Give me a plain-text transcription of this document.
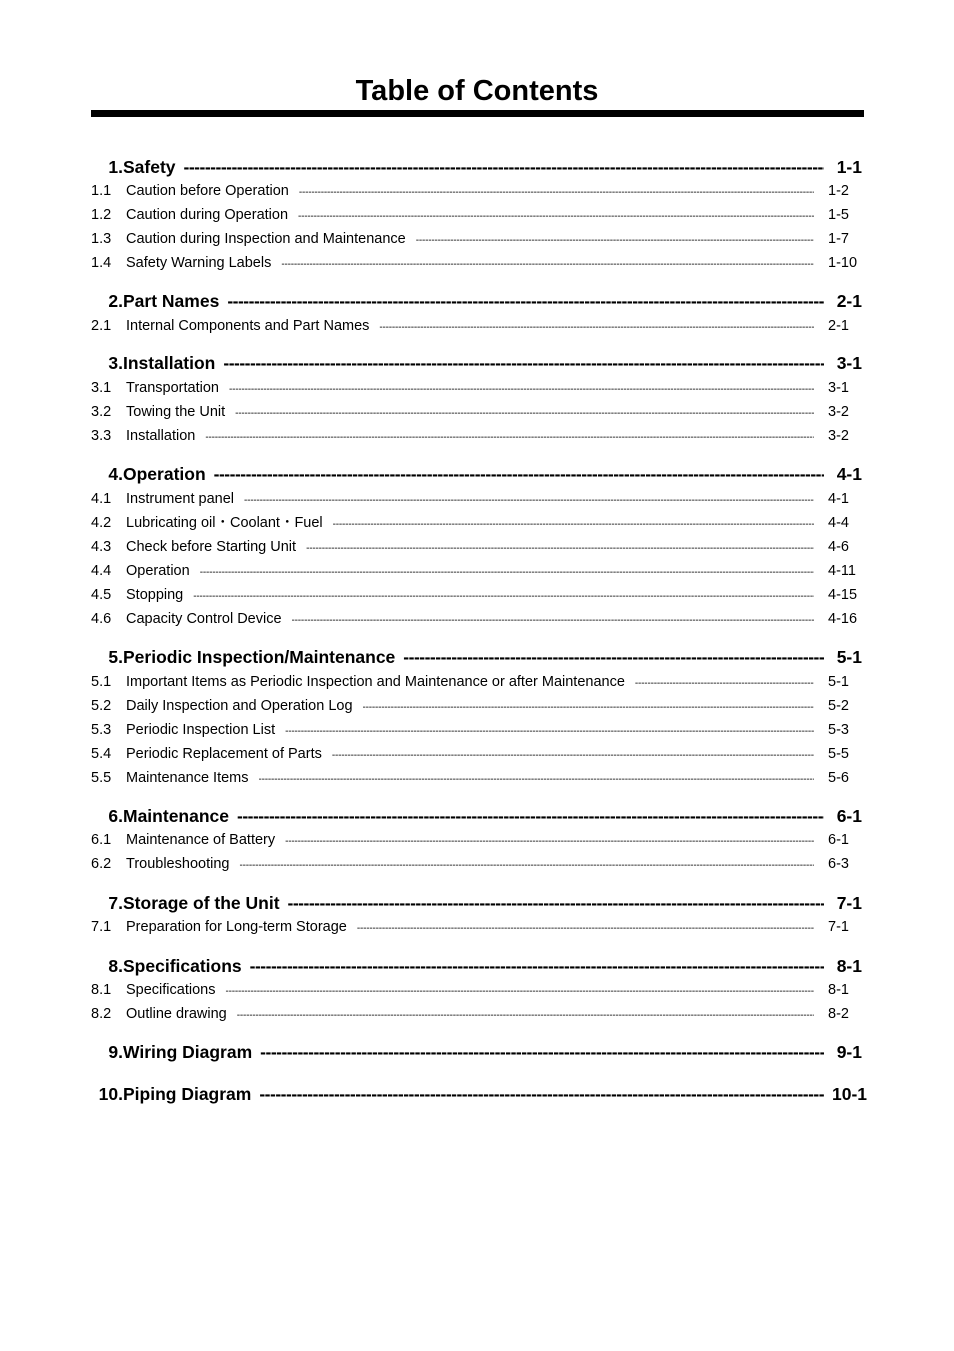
Table of Contents
1. Safety -----	1-1
1.1	Caution before Operation -----	1-2
1.2	Caution during Operation -----	1-5
1.3	Caution during Inspection and Maintenance -----	1-7
1.4	Safety Warning Labels -----	1-10
2. Part Names -----	2-1
2.1	Internal Components and Part Names -----	2-1
3. Installation -----	3-1
3.1	Transportation -----	3-1
3.2	Towing the Unit -----	3-2
3.3	Installation -----	3-2
4. Operation -----	4-1
4.1	Instrument panel -----	4-1
4.2	Lubricating oil・Coolant・Fuel -----	4-4
4.3	Check before Starting Unit -----	4-6
4.4	Operation -----	4-11
4.5	Stopping -----	4-15
4.6	Capacity Control Device -----	4-16
5. Periodic Inspection/Maintenance -----	5-1
5.1	Important Items as Periodic Inspection and Maintenance or after Maintenance -----	5-1
5.2	Daily Inspection and Operation Log -----	5-2
5.3	Periodic Inspection List -----	5-3
5.4	Periodic Replacement of Parts -----	5-5
5.5	Maintenance Items -----	5-6
6. Maintenance -----	6-1
6.1	Maintenance of Battery -----	6-1
6.2	Troubleshooting -----	6-3
7. Storage of the Unit -----	7-1
7.1	Preparation for Long-term Storage -----	7-1
8. Specifications -----	8-1
8.1	Specifications -----	8-1
8.2	Outline drawing -----	8-2
9. Wiring Diagram -----	9-1
10. Piping Diagram -----	10-1
